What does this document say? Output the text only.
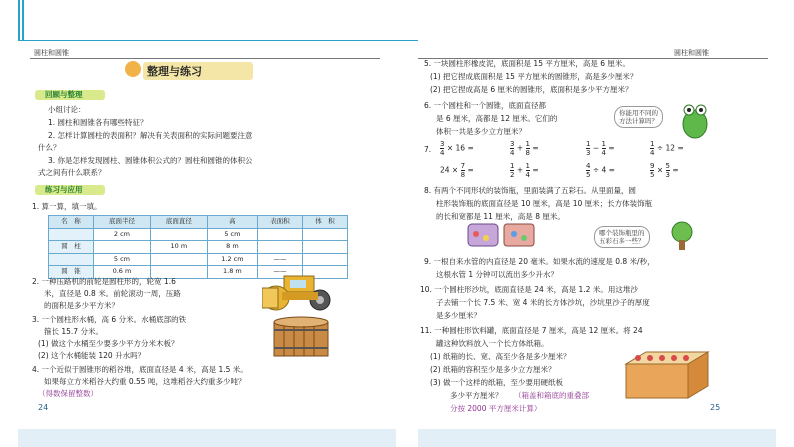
圆柱和圆锥
整理与练习
回顾与整理
小组讨论：
1. 圆柱和圆锥各有哪些特征？
2. 怎样计算圆柱的表面积？解决有关表面积的实际问题要注意
什么？
3. 你是怎样发现圆柱、圆锥体积公式的？圆柱和圆锥的体积公
式之间有什么联系？
练习与应用
1. 算一算，填一填。
名　称	底面半径	底面直径	高	表面积	体　积
	2 cm		5 cm		
圆　柱		10 m	8 m		
	5 cm		1.2 cm	——	
圆　锥	0.6 m		1.8 m	——	
2. 一种压路机的前轮是圆柱形的，轮宽 1.6
米，直径是 0.8 米。前轮滚动一周，压路
的面积是多少平方米？
3. 一个圆柱形水桶，高 6 分米。水桶底部的铁
箍长 15.7 分米。
(1) 做这个水桶至少要多少平方分米木板？
(2) 这个水桶能装 120 升水吗？
4. 一个近似于圆锥形的稻谷堆，底面直径是 4 米，高是 1.5 米。
如果每立方米稻谷大约重 0.55 吨，这堆稻谷大约重多少吨？
（得数保留整数）
24
圆柱和圆锥
5. 一块圆柱形橡皮泥，底面积是 15 平方厘米，高是 6 厘米。
(1) 把它捏成底面积是 15 平方厘米的圆锥形，高是多少厘米？
(2) 把它捏成高是 6 厘米的圆锥形，底面积是多少平方厘米？
6. 一个圆柱和一个圆锥，底面直径都
是 6 厘米，高都是 12 厘米。它们的
体积一共是多少立方厘米？
你能用不同的
方法计算吗？
7. $\frac{3}{4} \times 16$ =	$\frac{3}{4} + \frac{1}{8}$ =	$\frac{1}{3} - \frac{1}{4}$ =	$\frac{1}{4} \div 12$ =
$24 \times \frac{7}{8}$ =	$\frac{1}{2} + \frac{1}{4}$ =	$\frac{4}{5} \div 4$ =	$\frac{9}{5} \times \frac{5}{3}$ =
8. 有两个不同形状的装饰瓶，里面装满了五彩石。从里面量，圆
柱形装饰瓶的底面直径是 10 厘米，高是 10 厘米；长方体装饰瓶
的长和宽都是 11 厘米，高是 8 厘米。
哪个装饰瓶里的
五彩石多一些？
9. 一根自来水管的内直径是 20 毫米。如果水流的速度是 0.8 米/秒，
这根水管 1 分钟可以流出多少升水？
10. 一个圆柱形沙坑，底面直径是 24 米，高是 1.2 米。用这堆沙
子去铺一个长 7.5 米、宽 4 米的长方体沙坑，沙坑里沙子的厚度
是多少厘米？
11. 一种圆柱形饮料罐，底面直径是 7 厘米，高是 12 厘米。将 24
罐这种饮料放入一个长方体纸箱。
(1) 纸箱的长、宽、高至少各是多少厘米？
(2) 纸箱的容积至少是多少立方厘米？
(3) 做一个这样的纸箱，至少要用硬纸板
多少平方厘米？ （箱盖和箱底的重叠部
分按 2000 平方厘米计算）	25
